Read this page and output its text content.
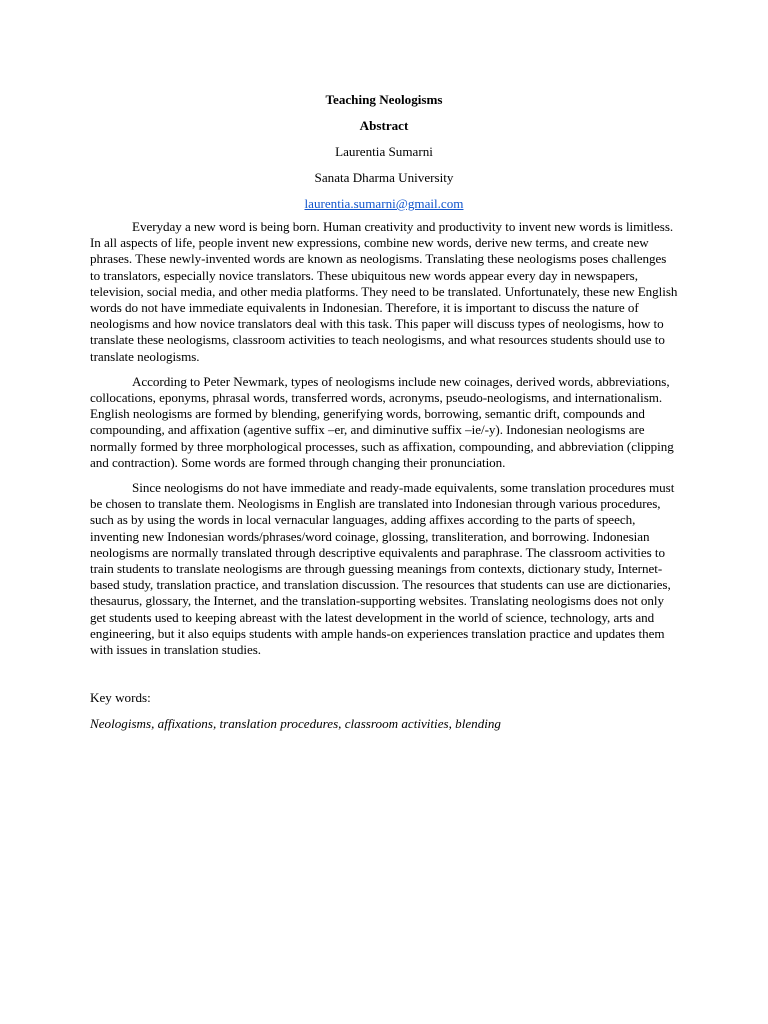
Teaching Neologisms
Abstract
Laurentia Sumarni
Sanata Dharma University
laurentia.sumarni@gmail.com

Everyday a new word is being born. Human creativity and productivity to invent new words is limitless. In all aspects of life, people invent new expressions, combine new words, derive new terms, and create new phrases. These newly-invented words are known as neologisms. Translating these neologisms poses challenges to translators, especially novice translators. These ubiquitous new words appear every day in newspapers, television, social media, and other media platforms. They need to be translated. Unfortunately, these new English words do not have immediate equivalents in Indonesian. Therefore, it is important to discuss the nature of neologisms and how novice translators deal with this task. This paper will discuss types of neologisms, how to translate these neologisms, classroom activities to teach neologisms, and what resources students should use to translate neologisms.

According to Peter Newmark, types of neologisms include new coinages, derived words, abbreviations, collocations, eponyms, phrasal words, transferred words, acronyms, pseudo-neologisms, and internationalism. English neologisms are formed by blending, generifying words, borrowing, semantic drift, compounds and compounding, and affixation (agentive suffix –er, and diminutive suffix –ie/-y). Indonesian neologisms are normally formed by three morphological processes, such as affixation, compounding, and abbreviation (clipping and contraction). Some words are formed through changing their pronunciation.

Since neologisms do not have immediate and ready-made equivalents, some translation procedures must be chosen to translate them. Neologisms in English are translated into Indonesian through various procedures, such as by using the words in local vernacular languages, adding affixes according to the parts of speech, inventing new Indonesian words/phrases/word coinage, glossing, transliteration, and borrowing. Indonesian neologisms are normally translated through descriptive equivalents and paraphrase. The classroom activities to train students to translate neologisms are through guessing meanings from contexts, dictionary study, Internet-based study, translation practice, and translation discussion. The resources that students can use are dictionaries, thesaurus, glossary, the Internet, and the translation-supporting websites. Translating neologisms does not only get students used to keeping abreast with the latest development in the world of science, technology, arts and engineering, but it also equips students with ample hands-on experiences translation practice and updates them with issues in translation studies.

Key words:
Neologisms, affixations, translation procedures, classroom activities, blending
